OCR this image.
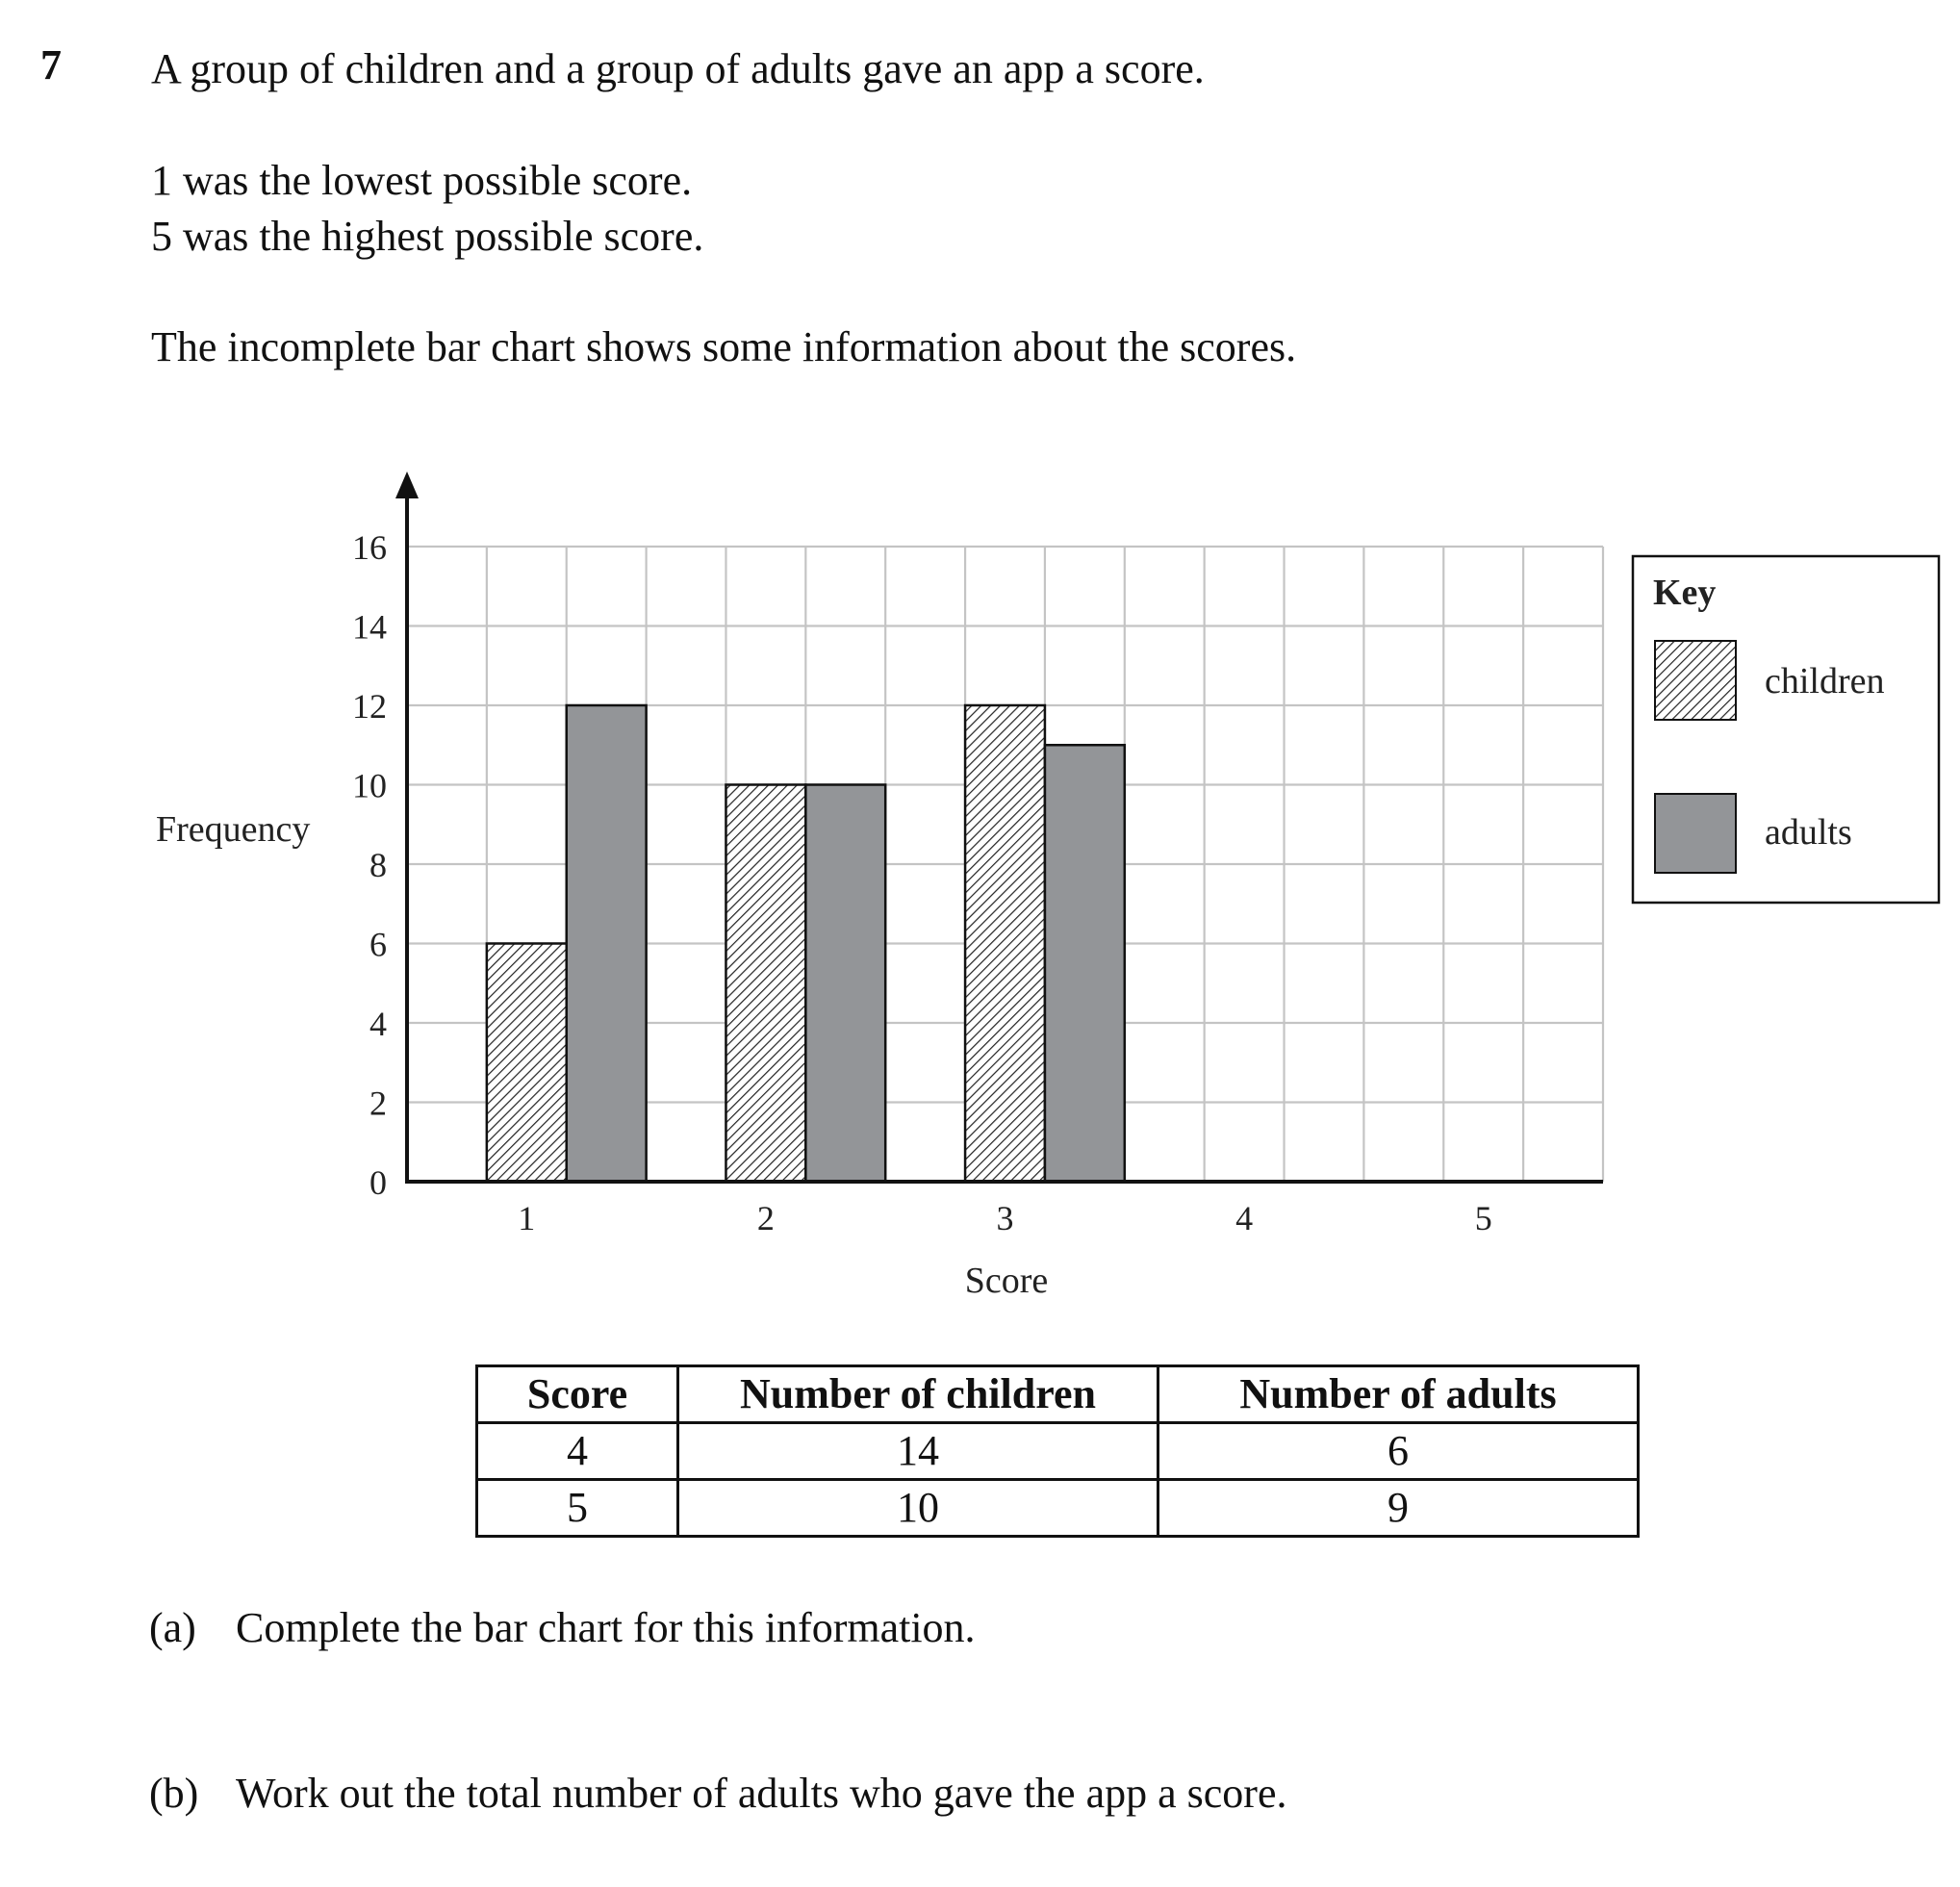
7 A group of children and a group of adults gave an app a score.
1 was the lowest possible score.
5 was the highest possible score.
The incomplete bar chart shows some information about the scores.
0
2
4
6
8
10
12
14
16
1	2	3	4	5
Frequency
Score
Key
children
adults
Score	Number of children	Number of adults
4	14	6
5	10	9
(a) Complete the bar chart for this information.
(b) Work out the total number of adults who gave the app a score.
